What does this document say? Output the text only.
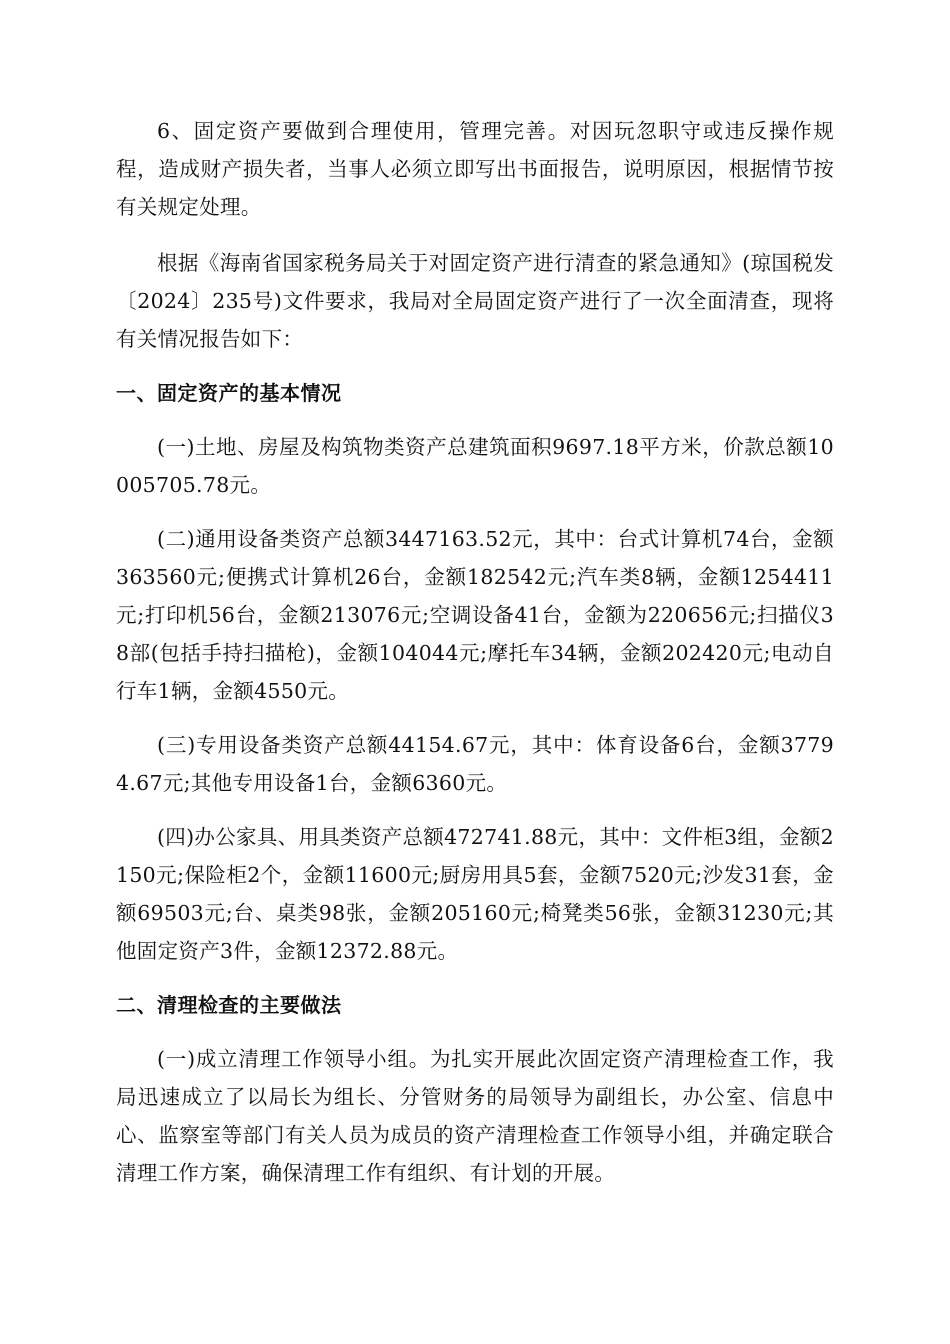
6、固定资产要做到合理使用，管理完善。对因玩忽职守或违反操作规程，造成财产损失者，当事人必须立即写出书面报告，说明原因，根据情节按有关规定处理。

根据《海南省国家税务局关于对固定资产进行清查的紧急通知》(琼国税发〔2024〕235号)文件要求，我局对全局固定资产进行了一次全面清查，现将有关情况报告如下：

一、固定资产的基本情况

(一)土地、房屋及构筑物类资产总建筑面积9697.18平方米，价款总额10005705.78元。

(二)通用设备类资产总额3447163.52元，其中：台式计算机74台，金额363560元;便携式计算机26台，金额182542元;汽车类8辆，金额1254411元;打印机56台，金额213076元;空调设备41台，金额为220656元;扫描仪38部(包括手持扫描枪)，金额104044元;摩托车34辆，金额202420元;电动自行车1辆，金额4550元。

(三)专用设备类资产总额44154.67元，其中：体育设备6台，金额37794.67元;其他专用设备1台，金额6360元。

(四)办公家具、用具类资产总额472741.88元，其中：文件柜3组，金额2150元;保险柜2个，金额11600元;厨房用具5套，金额7520元;沙发31套，金额69503元;台、桌类98张，金额205160元;椅凳类56张，金额31230元;其他固定资产3件，金额12372.88元。

二、清理检查的主要做法

(一)成立清理工作领导小组。为扎实开展此次固定资产清理检查工作，我局迅速成立了以局长为组长、分管财务的局领导为副组长，办公室、信息中心、监察室等部门有关人员为成员的资产清理检查工作领导小组，并确定联合清理工作方案，确保清理工作有组织、有计划的开展。
